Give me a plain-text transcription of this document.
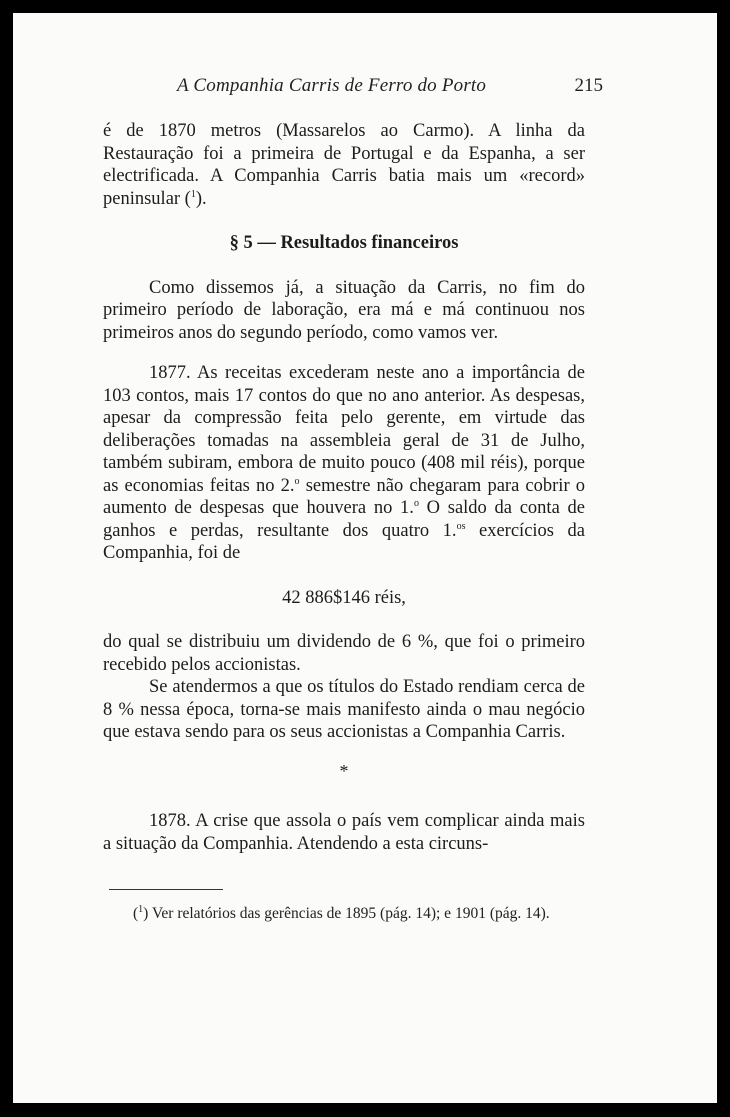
A Companhia Carris de Ferro do Porto	215

é de 1870 metros (Massarelos ao Carmo). A linha da Restauração foi a primeira de Portugal e da Espanha, a ser electrificada. A Companhia Carris batia mais um «record» peninsular ($^1$).

§ 5 — Resultados financeiros

Como dissemos já, a situação da Carris, no fim do primeiro período de laboração, era má e má continuou nos primeiros anos do segundo período, como vamos ver.

1877. As receitas excederam neste ano a importância de 103 contos, mais 17 contos do que no ano anterior. As despesas, apesar da compressão feita pelo gerente, em virtude das deliberações tomadas na assembleia geral de 31 de Julho, também subiram, embora de muito pouco (408 mil réis), porque as economias feitas no 2.$^o$ semestre não chegaram para cobrir o aumento de despesas que houvera no 1.$^o$ O saldo da conta de ganhos e perdas, resultante dos quatro 1.$^{os}$ exercícios da Companhia, foi de

42 886$146 réis,

do qual se distribuiu um dividendo de 6 %, que foi o primeiro recebido pelos accionistas.

Se atendermos a que os títulos do Estado rendiam cerca de 8 % nessa época, torna-se mais manifesto ainda o mau negócio que estava sendo para os seus accionistas a Companhia Carris.

*

1878. A crise que assola o país vem complicar ainda mais a situação da Companhia. Atendendo a esta circuns-

($^1$) Ver relatórios das gerências de 1895 (pág. 14); e 1901 (pág. 14).
